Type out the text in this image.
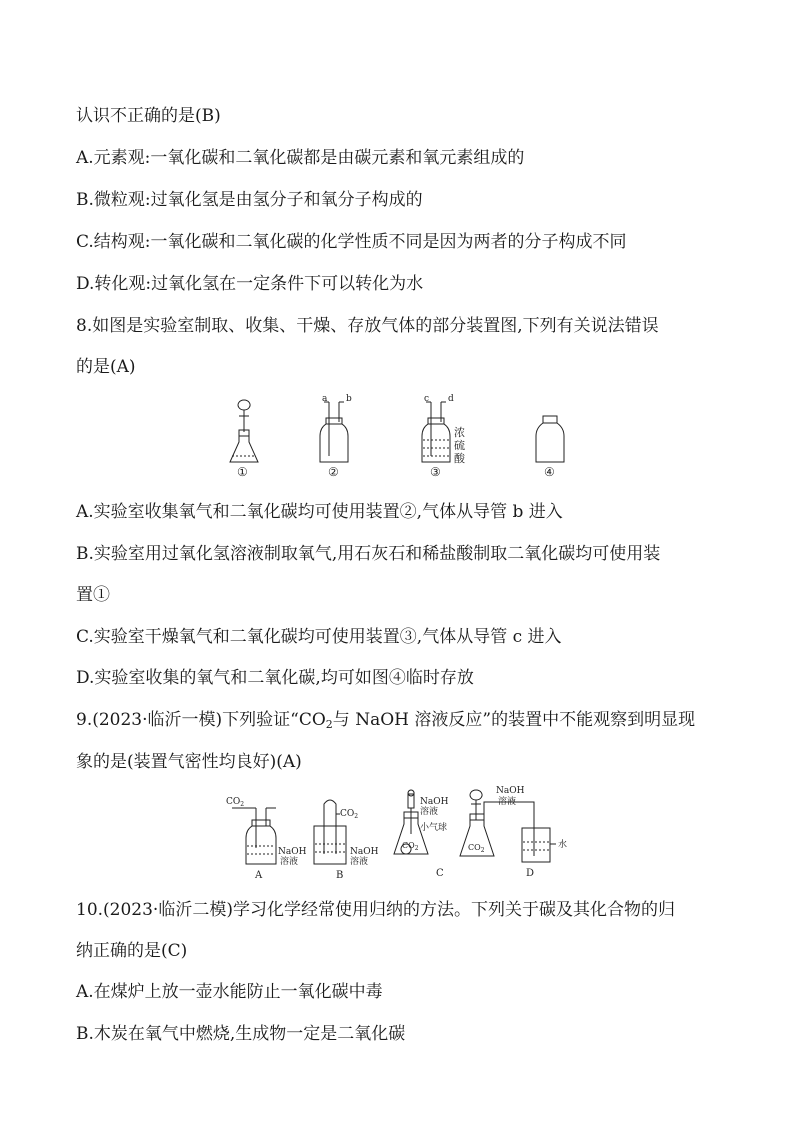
认识不正确的是(B)
A.元素观:一氧化碳和二氧化碳都是由碳元素和氧元素组成的
B.微粒观:过氧化氢是由氢分子和氧分子构成的
C.结构观:一氧化碳和二氧化碳的化学性质不同是因为两者的分子构成不同
D.转化观:过氧化氢在一定条件下可以转化为水
8.如图是实验室制取、收集、干燥、存放气体的部分装置图,下列有关说法错误
的是(A)
a b	c d
浓
硫
酸
①	②	③	④
A.实验室收集氧气和二氧化碳均可使用装置②,气体从导管 b 进入
B.实验室用过氧化氢溶液制取氧气,用石灰石和稀盐酸制取二氧化碳均可使用装
置①
C.实验室干燥氧气和二氧化碳均可使用装置③,气体从导管 c 进入
D.实验室收集的氧气和二氧化碳,均可如图④临时存放
9.(2023·临沂一模)下列验证“$CO_2$与 NaOH 溶液反应”的装置中不能观察到明显现
象的是(装置气密性均良好)(A)
$CO_2$
NaOH
溶液
$CO_2$
NaOH
溶液
NaOH
溶液
小气球
$CO_2$
NaOH
溶液
$CO_2$
水
A	B	C	D
10.(2023·临沂二模)学习化学经常使用归纳的方法。下列关于碳及其化合物的归
纳正确的是(C)
A.在煤炉上放一壶水能防止一氧化碳中毒
B.木炭在氧气中燃烧,生成物一定是二氧化碳
